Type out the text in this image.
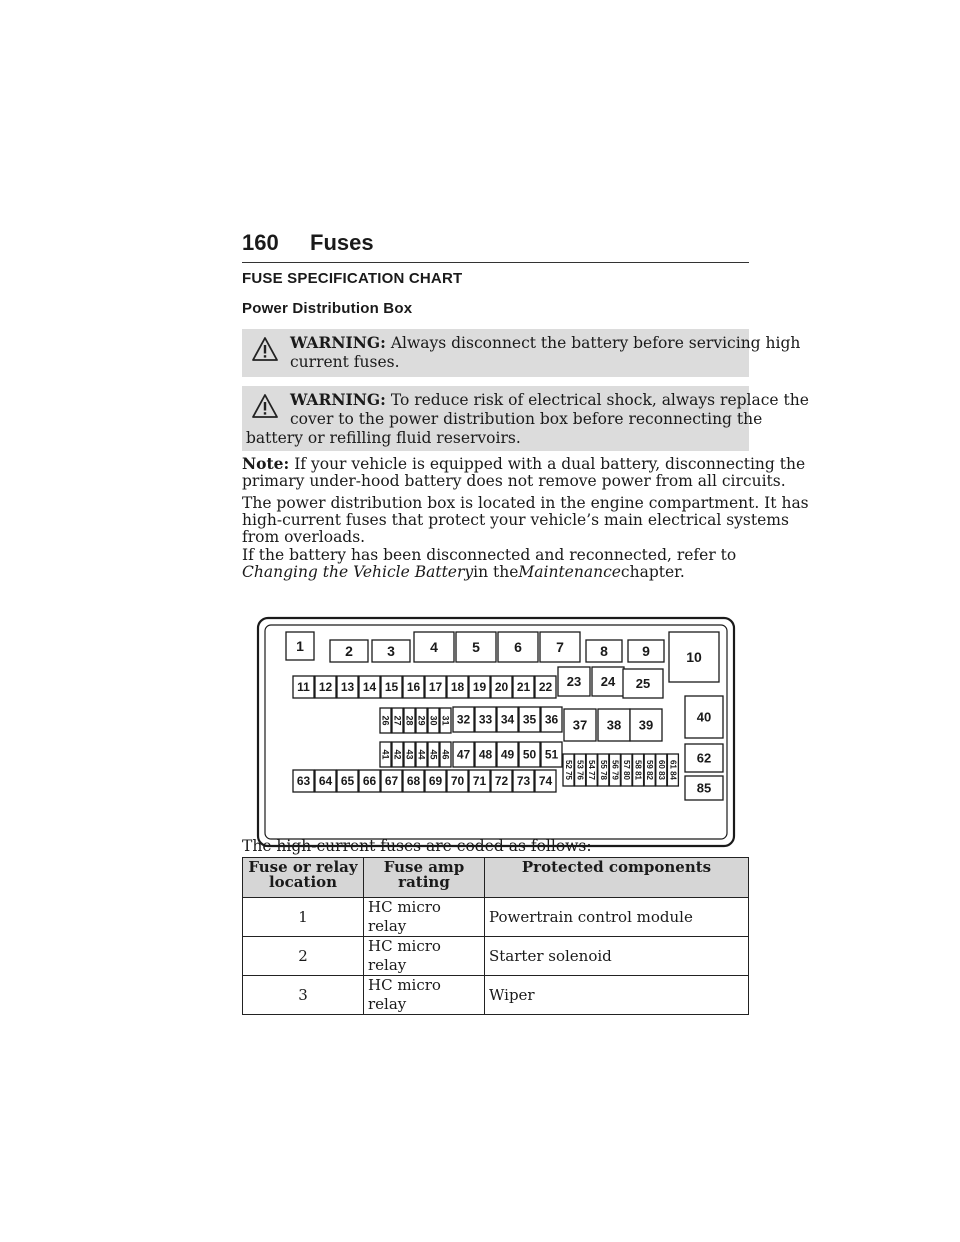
160 Fuses
FUSE SPECIFICATION CHART
Power Distribution Box
WARNING: Always disconnect the battery before servicing high
current fuses.
WARNING: To reduce risk of electrical shock, always replace the
cover to the power distribution box before reconnecting the
battery or refilling fluid reservoirs.
Note: If your vehicle is equipped with a dual battery, disconnecting the
primary under-hood battery does not remove power from all circuits.
The power distribution box is located in the engine compartment. It has
high-current fuses that protect your vehicle’s main electrical systems
from overloads.
If the battery has been disconnected and reconnected, refer to
Changing the Vehicle Batteryin theMaintenancechapter.
1	2 3	4 5 6 7	8 9	10
11 12 13 14 15 16 17 18 19 20 21 22 23 24 25
26 27 28 29 30 31 32 33 34 35 36 37 38 39
40
41 42 43 44 45 46 47 48 49 50 51
52 75 53 76 54 77 55 78 56 79 57 80 58 81 59 82 60 83 61 84
62
63 64 65 66 67 68 69 70 71 72 73 74	85
The high-current fuses are coded as follows:
Fuse or relay
location	Fuse amp
rating	Protected components
1	HC micro relay	Powertrain control module
2	HC micro relay	Starter solenoid
3	HC micro relay	Wiper
